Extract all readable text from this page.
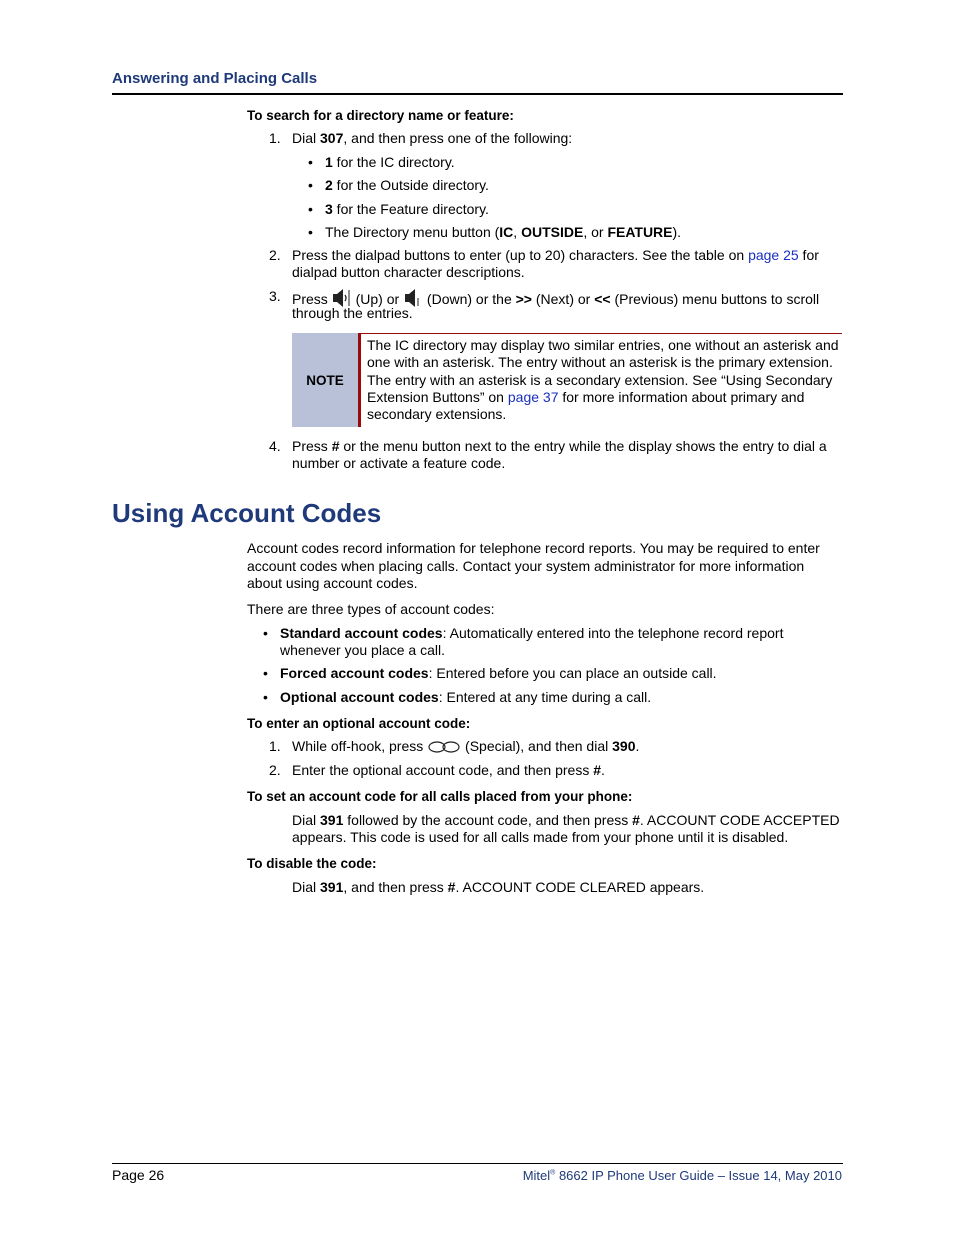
Answering and Placing Calls
To search for a directory name or feature:
1. Dial 307, and then press one of the following:
• 1 for the IC directory.
• 2 for the Outside directory.
• 3 for the Feature directory.
• The Directory menu button (IC, OUTSIDE, or FEATURE).
2. Press the dialpad buttons to enter (up to 20) characters. See the table on page 25 for
dialpad button character descriptions.
3. Press  (Up) or  (Down) or the >> (Next) or << (Previous) menu buttons to scroll
through the entries.
NOTE
The IC directory may display two similar entries, one without an asterisk and
one with an asterisk. The entry without an asterisk is the primary extension.
The entry with an asterisk is a secondary extension. See “Using Secondary
Extension Buttons” on page 37 for more information about primary and
secondary extensions.
4. Press # or the menu button next to the entry while the display shows the entry to dial a
number or activate a feature code.
Using Account Codes
Account codes record information for telephone record reports. You may be required to enter
account codes when placing calls. Contact your system administrator for more information
about using account codes.
There are three types of account codes:
• Standard account codes: Automatically entered into the telephone record report
whenever you place a call.
• Forced account codes: Entered before you can place an outside call.
• Optional account codes: Entered at any time during a call.
To enter an optional account code:
1. While off-hook, press  (Special), and then dial 390.
2. Enter the optional account code, and then press #.
To set an account code for all calls placed from your phone:
Dial 391 followed by the account code, and then press #. ACCOUNT CODE ACCEPTED
appears. This code is used for all calls made from your phone until it is disabled.
To disable the code:
Dial 391, and then press #. ACCOUNT CODE CLEARED appears.
Page 26	Mitel® 8662 IP Phone User Guide – Issue 14, May 2010
